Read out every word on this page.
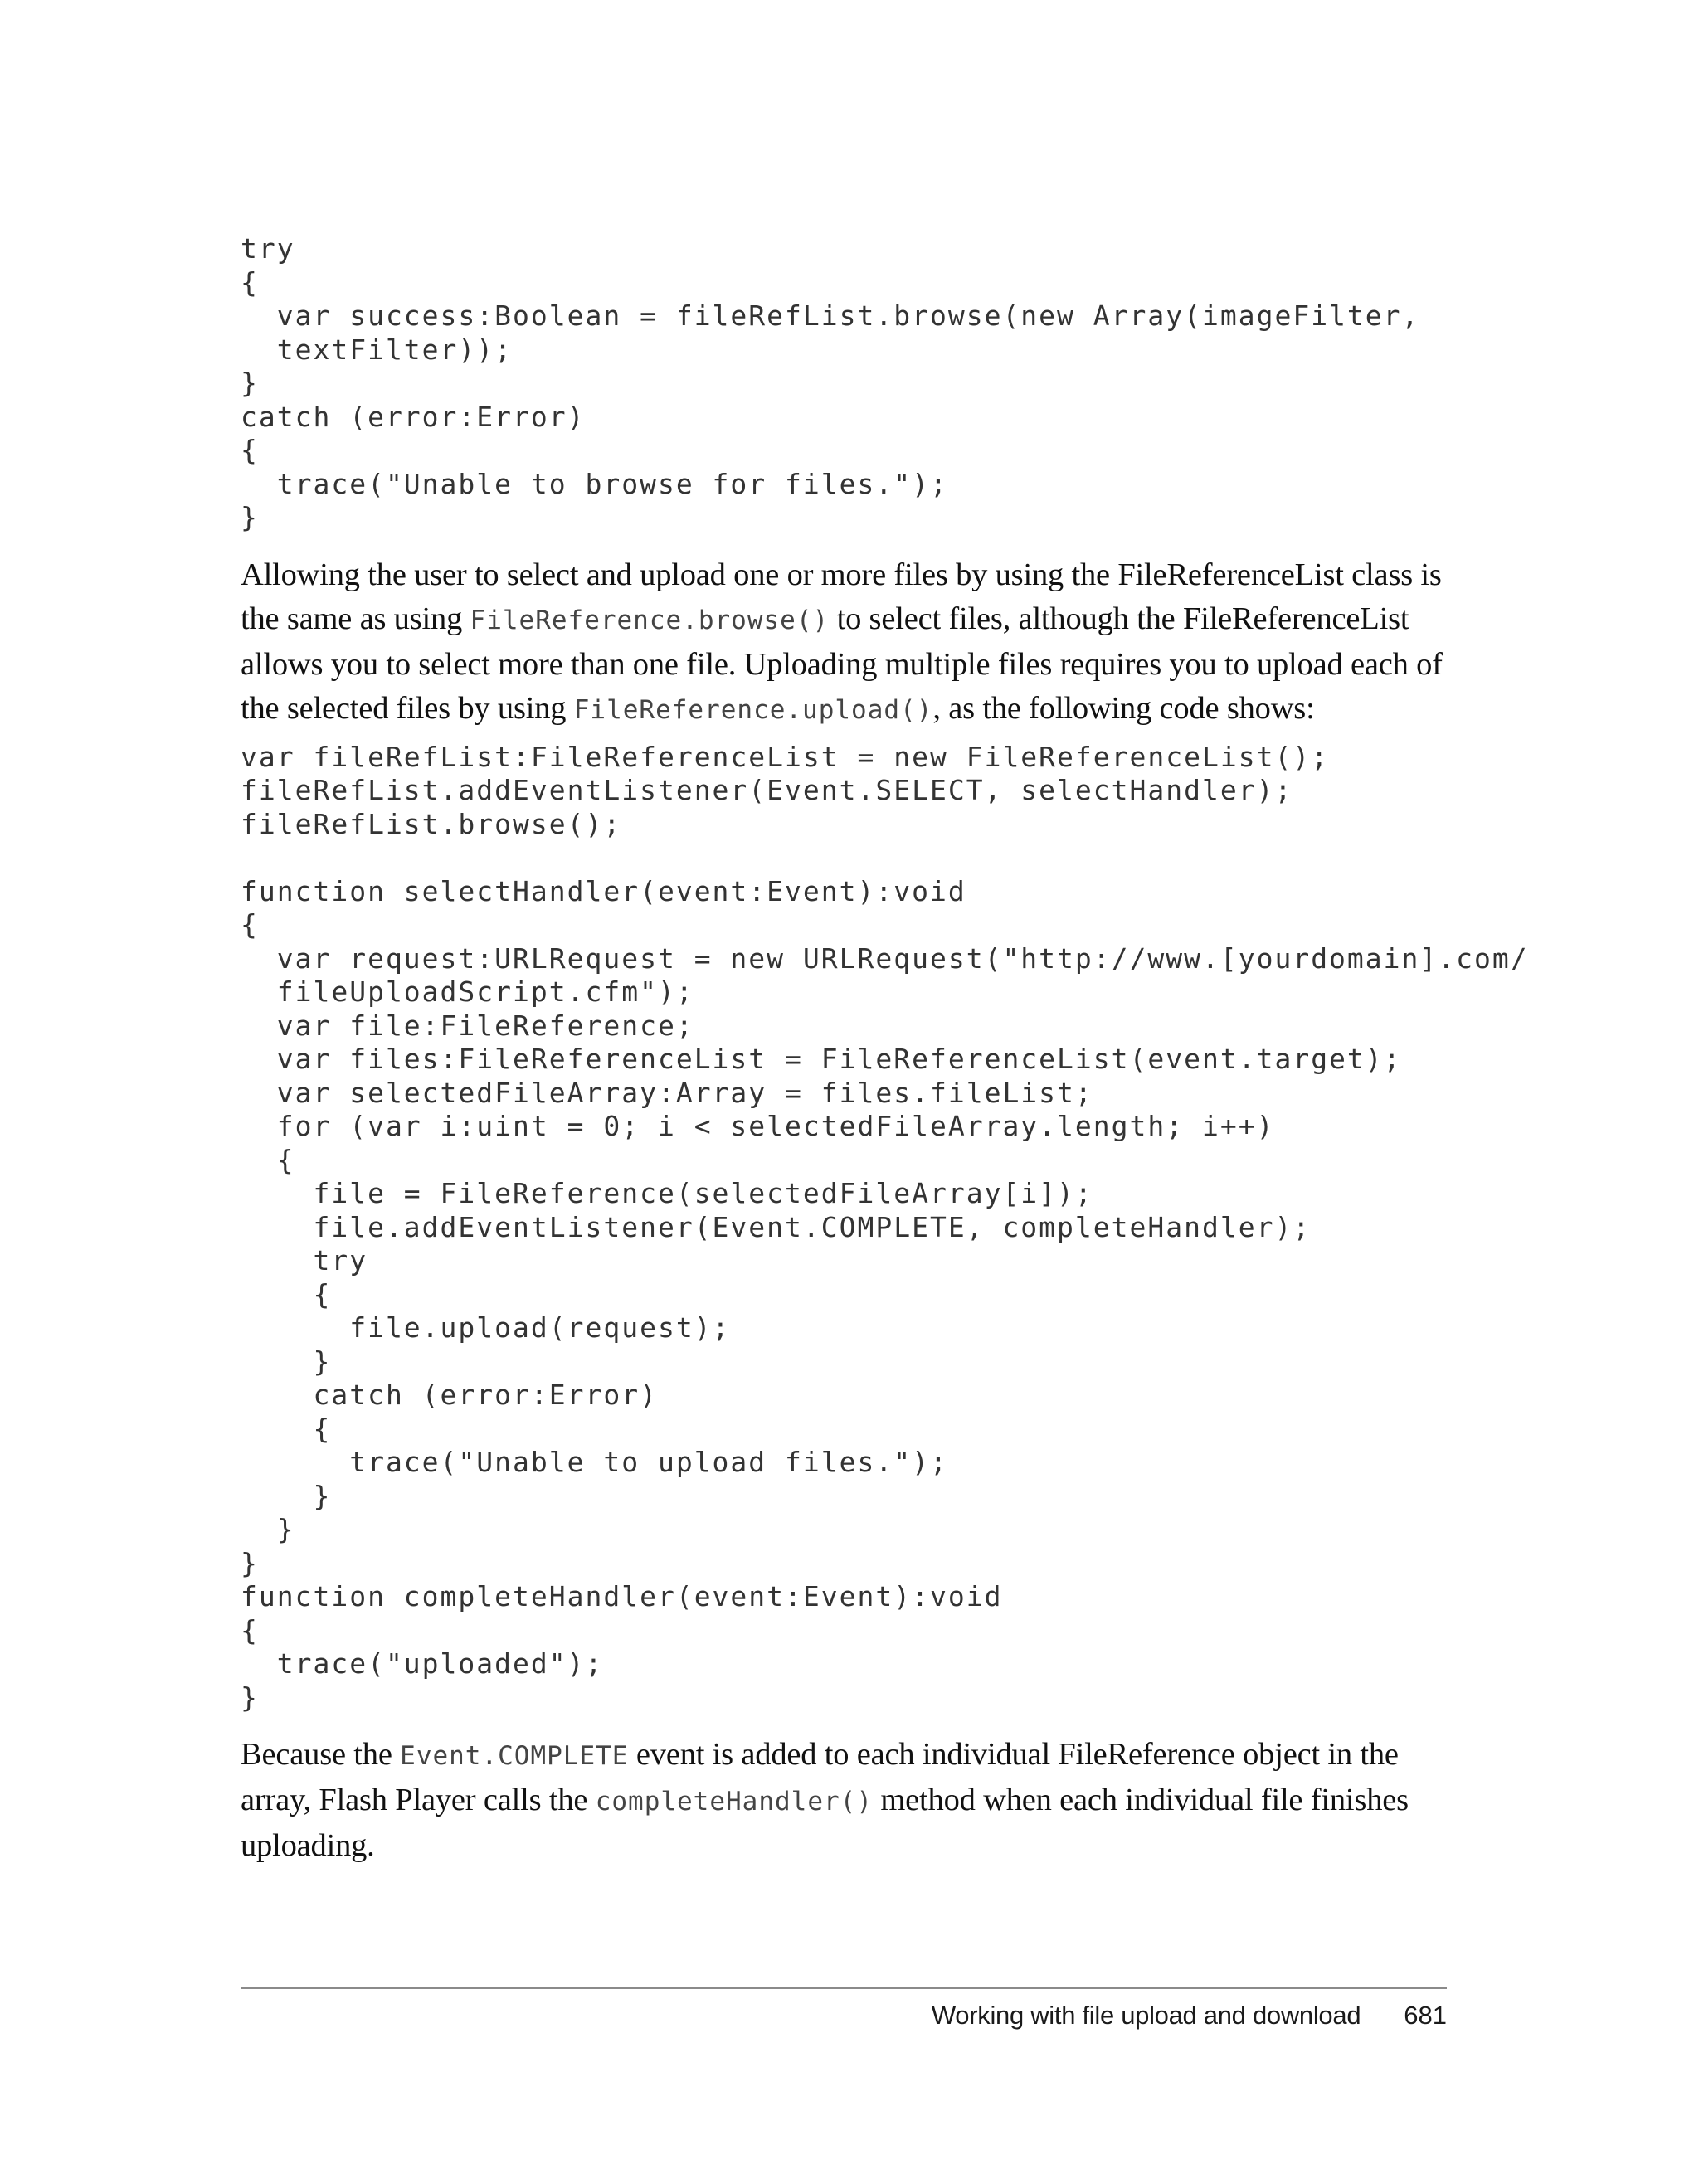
try
{
var success:Boolean = fileRefList.browse(new Array(imageFilter,
textFilter));
}
catch (error:Error)
{
trace("Unable to browse for files.");
}

Allowing the user to select and upload one or more files by using the FileReferenceList class is the same as using FileReference.browse() to select files, although the FileReferenceList allows you to select more than one file. Uploading multiple files requires you to upload each of the selected files by using FileReference.upload(), as the following code shows:

var fileRefList:FileReferenceList = new FileReferenceList();
fileRefList.addEventListener(Event.SELECT, selectHandler);
fileRefList.browse();
function selectHandler(event:Event):void
{
var request:URLRequest = new URLRequest("http://www.[yourdomain].com/
fileUploadScript.cfm");
var file:FileReference;
var files:FileReferenceList = FileReferenceList(event.target);
var selectedFileArray:Array = files.fileList;
for (var i:uint = 0; i < selectedFileArray.length; i++)
{
file = FileReference(selectedFileArray[i]);
file.addEventListener(Event.COMPLETE, completeHandler);
try
{
file.upload(request);
}
catch (error:Error)
{
trace("Unable to upload files.");
}
}
}
function completeHandler(event:Event):void
{
trace("uploaded");
}

Because the Event.COMPLETE event is added to each individual FileReference object in the array, Flash Player calls the completeHandler() method when each individual file finishes uploading.

Working with file upload and download 681
